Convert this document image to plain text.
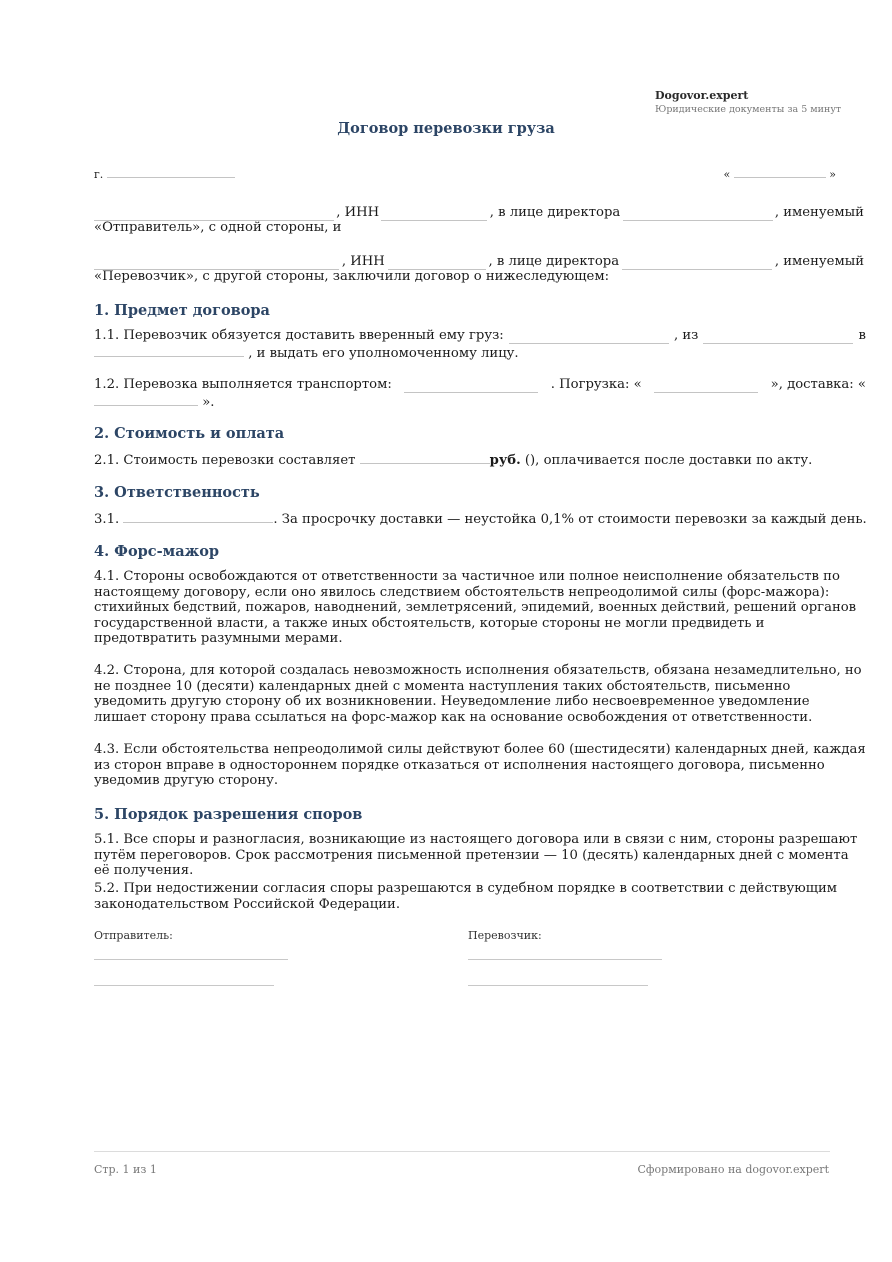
Dogovor.expert
Юридические документы за 5 минут
Договор перевозки груза
г.	«	»
, ИНН	, в лице директора	, именуемый
«Отправитель», с одной стороны, и
, ИНН	, в лице директора	, именуемый
«Перевозчик», с другой стороны, заключили договор о нижеследующем:
1. Предмет договора
1.1. Перевозчик обязуется доставить вверенный ему груз:	, из	в
, и выдать его уполномоченному лицу.
1.2. Перевозка выполняется транспортом:	. Погрузка: «	», доставка: «
».
2. Стоимость и оплата
2.1. Стоимость перевозки составляет	руб. (), оплачивается после доставки по акту.
3. Ответственность
3.1.	. За просрочку доставки — неустойка 0,1% от стоимости перевозки за каждый день.
4. Форс-мажор
4.1. Стороны освобождаются от ответственности за частичное или полное неисполнение обязательств по настоящему договору, если оно явилось следствием обстоятельств непреодолимой силы (форс-мажора): стихийных бедствий, пожаров, наводнений, землетрясений, эпидемий, военных действий, решений органов государственной власти, а также иных обстоятельств, которые стороны не могли предвидеть и предотвратить разумными мерами.
4.2. Сторона, для которой создалась невозможность исполнения обязательств, обязана незамедлительно, но не позднее 10 (десяти) календарных дней с момента наступления таких обстоятельств, письменно уведомить другую сторону об их возникновении. Неуведомление либо несвоевременное уведомление лишает сторону права ссылаться на форс-мажор как на основание освобождения от ответственности.
4.3. Если обстоятельства непреодолимой силы действуют более 60 (шестидесяти) календарных дней, каждая из сторон вправе в одностороннем порядке отказаться от исполнения настоящего договора, письменно уведомив другую сторону.
5. Порядок разрешения споров
5.1. Все споры и разногласия, возникающие из настоящего договора или в связи с ним, стороны разрешают путём переговоров. Срок рассмотрения письменной претензии — 10 (десять) календарных дней с момента её получения.
5.2. При недостижении согласия споры разрешаются в судебном порядке в соответствии с действующим законодательством Российской Федерации.
Отправитель:	Перевозчик:
Стр. 1 из 1	Сформировано на dogovor.expert
